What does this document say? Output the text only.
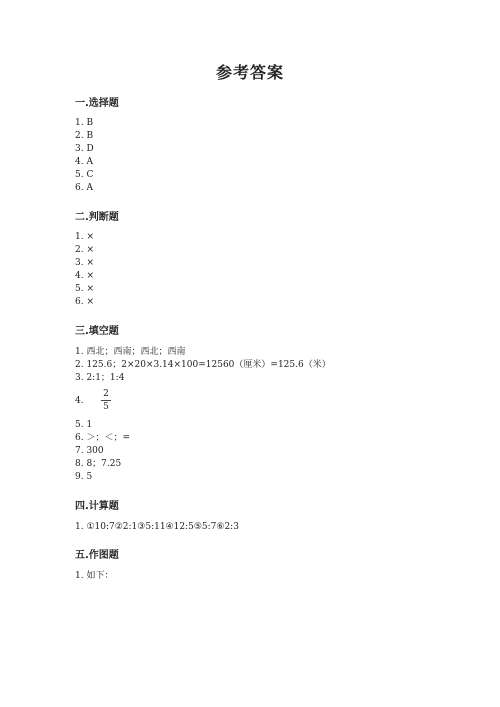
参考答案
一.选择题
1. B
2. B
3. D
4. A
5. C
6. A
二.判断题
1. ×
2. ×
3. ×
4. ×
5. ×
6. ×
三.填空题
1. 西北；西南；西北；西南
2. 125.6；2×20×3.14×100=12560（厘米）=125.6（米）
3. 2:1；1:4
4.
2
5
5. 1
6. ＞；＜；=
7. 300
8. 8；7.25
9. 5
四.计算题
1. ①10:7②2:1③5:11④12:5⑤5:7⑥2:3
五.作图题
1. 如下：
